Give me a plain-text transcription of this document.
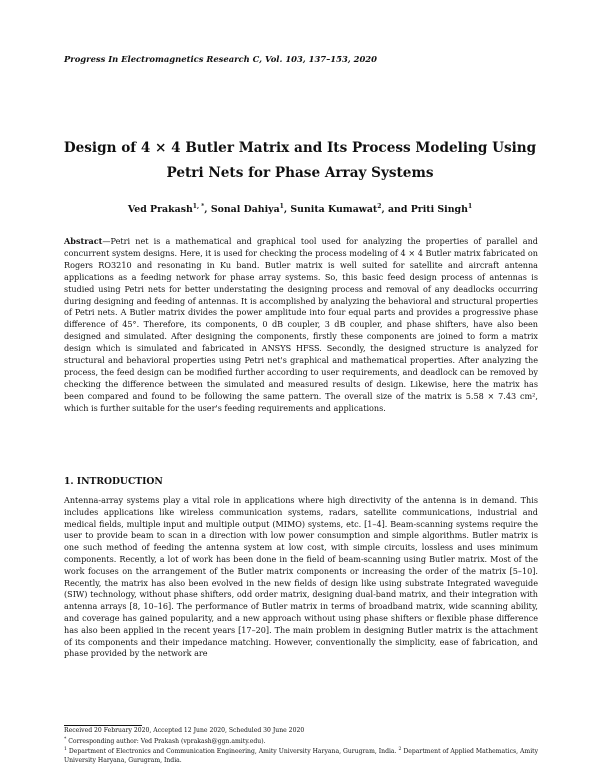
Progress In Electromagnetics Research C, Vol. 103, 137–153, 2020
Design of 4 × 4 Butler Matrix and Its Process Modeling Using Petri Nets for Phase Array Systems
Ved Prakash$^{1, *}$, Sonal Dahiya$^1$, Sunita Kumawat$^2$, and Priti Singh$^1$
Abstract—Petri net is a mathematical and graphical tool used for analyzing the properties of parallel and concurrent system designs. Here, it is used for checking the process modeling of 4 × 4 Butler matrix fabricated on Rogers RO3210 and resonating in Ku band. Butler matrix is well suited for satellite and aircraft antenna applications as a feeding network for phase array systems. So, this basic feed design process of antennas is studied using Petri nets for better understating the designing process and removal of any deadlocks occurring during designing and feeding of antennas. It is accomplished by analyzing the behavioral and structural properties of Petri nets. A Butler matrix divides the power amplitude into four equal parts and provides a progressive phase difference of 45°. Therefore, its components, 0 dB coupler, 3 dB coupler, and phase shifters, have also been designed and simulated. After designing the components, firstly these components are joined to form a matrix design which is simulated and fabricated in ANSYS HFSS. Secondly, the designed structure is analyzed for structural and behavioral properties using Petri net's graphical and mathematical properties. After analyzing the process, the feed design can be modified further according to user requirements, and deadlock can be removed by checking the difference between the simulated and measured results of design. Likewise, here the matrix has been compared and found to be following the same pattern. The overall size of the matrix is 5.58 × 7.43 cm², which is further suitable for the user's feeding requirements and applications.
1. INTRODUCTION
Antenna-array systems play a vital role in applications where high directivity of the antenna is in demand. This includes applications like wireless communication systems, radars, satellite communications, industrial and medical fields, multiple input and multiple output (MIMO) systems, etc. [1–4]. Beam-scanning systems require the user to provide beam to scan in a direction with low power consumption and simple algorithms. Butler matrix is one such method of feeding the antenna system at low cost, with simple circuits, lossless and uses minimum components. Recently, a lot of work has been done in the field of beam-scanning using Butler matrix. Most of the work focuses on the arrangement of the Butler matrix components or increasing the order of the matrix [5–10]. Recently, the matrix has also been evolved in the new fields of design like using substrate Integrated waveguide (SIW) technology, without phase shifters, odd order matrix, designing dual-band matrix, and their integration with antenna arrays [8, 10–16]. The performance of Butler matrix in terms of broadband matrix, wide scanning ability, and coverage has gained popularity, and a new approach without using phase shifters or flexible phase difference has also been applied in the recent years [17–20]. The main problem in designing Butler matrix is the attachment of its components and their impedance matching. However, conventionally the simplicity, ease of fabrication, and phase provided by the network are
Received 20 February 2020, Accepted 12 June 2020, Scheduled 30 June 2020
* Corresponding author: Ved Prakash (vprakash@ggn.amity.edu).
$^1$ Department of Electronics and Communication Engineering, Amity University Haryana, Gurugram, India. $^2$ Department of Applied Mathematics, Amity University Haryana, Gurugram, India.
